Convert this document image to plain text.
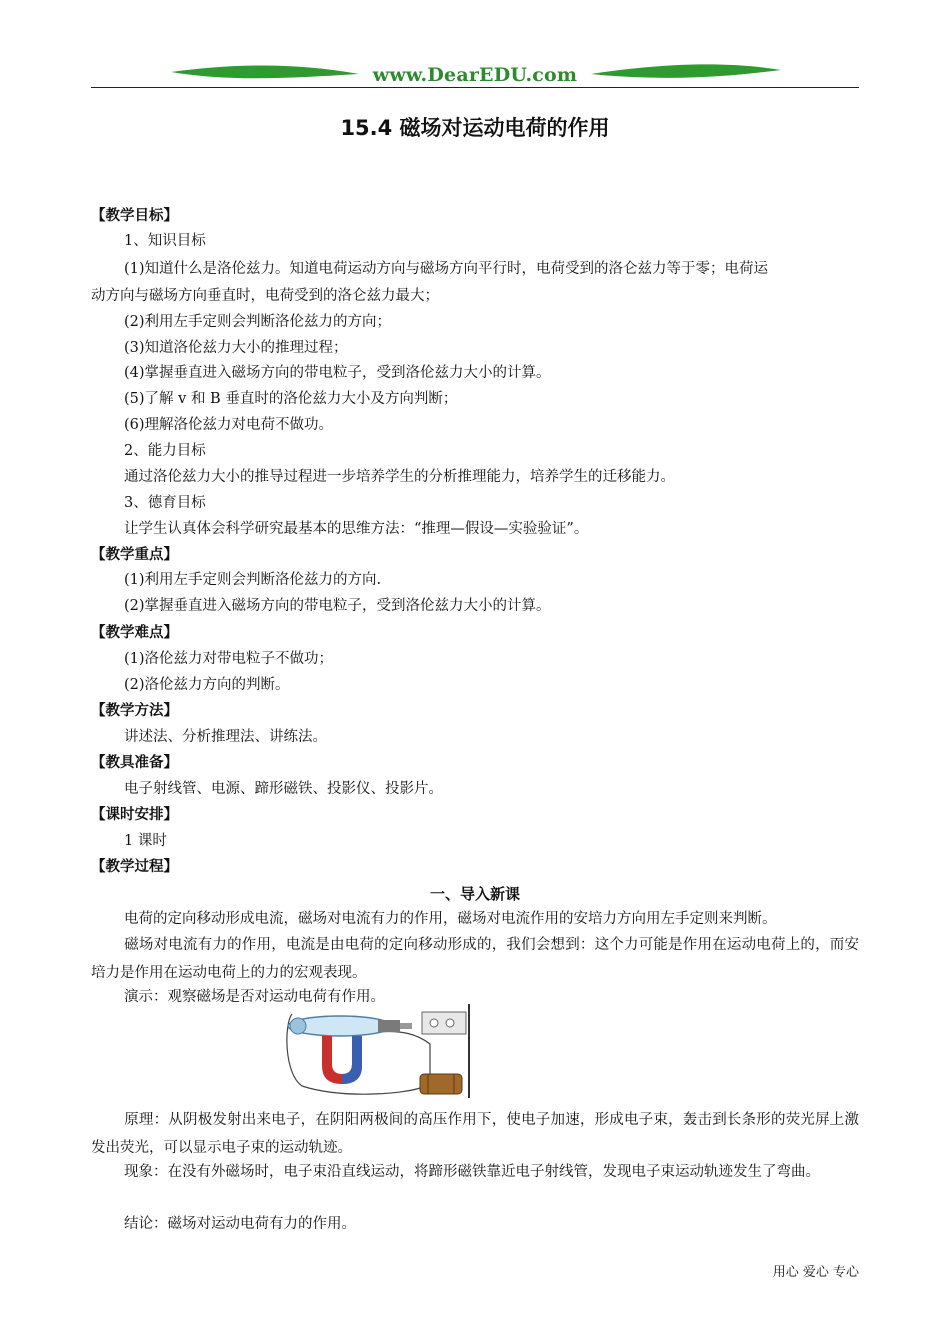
www.DearEDU.com
15.4 磁场对运动电荷的作用
【教学目标】
1、知识目标
(1)知道什么是洛伦兹力。知道电荷运动方向与磁场方向平行时，电荷受到的洛仑兹力等于零；电荷运
动方向与磁场方向垂直时，电荷受到的洛仑兹力最大；
(2)利用左手定则会判断洛伦兹力的方向；
(3)知道洛伦兹力大小的推理过程；
(4)掌握垂直进入磁场方向的带电粒子，受到洛伦兹力大小的计算。
(5)了解 v 和 B 垂直时的洛伦兹力大小及方向判断；
(6)理解洛伦兹力对电荷不做功。
2、能力目标
通过洛伦兹力大小的推导过程进一步培养学生的分析推理能力，培养学生的迁移能力。
3、德育目标
让学生认真体会科学研究最基本的思维方法：“推理—假设—实验验证”。
【教学重点】
(1)利用左手定则会判断洛伦兹力的方向.
(2)掌握垂直进入磁场方向的带电粒子，受到洛伦兹力大小的计算。
【教学难点】
(1)洛伦兹力对带电粒子不做功；
(2)洛伦兹力方向的判断。
【教学方法】
讲述法、分析推理法、讲练法。
【教具准备】
电子射线管、电源、蹄形磁铁、投影仪、投影片。
【课时安排】
1 课时
【教学过程】
一、导入新课
电荷的定向移动形成电流，磁场对电流有力的作用，磁场对电流作用的安培力方向用左手定则来判断。
磁场对电流有力的作用，电流是由电荷的定向移动形成的，我们会想到：这个力可能是作用在运动电荷上的，而安培力是作用在运动电荷上的力的宏观表现。
演示：观察磁场是否对运动电荷有作用。
原理：从阴极发射出来电子，在阴阳两极间的高压作用下，使电子加速，形成电子束，轰击到长条形的荧光屏上激发出荧光，可以显示电子束的运动轨迹。
现象：在没有外磁场时，电子束沿直线运动，将蹄形磁铁靠近电子射线管，发现电子束运动轨迹发生了弯曲。
结论：磁场对运动电荷有力的作用。
用心 爱心 专心
